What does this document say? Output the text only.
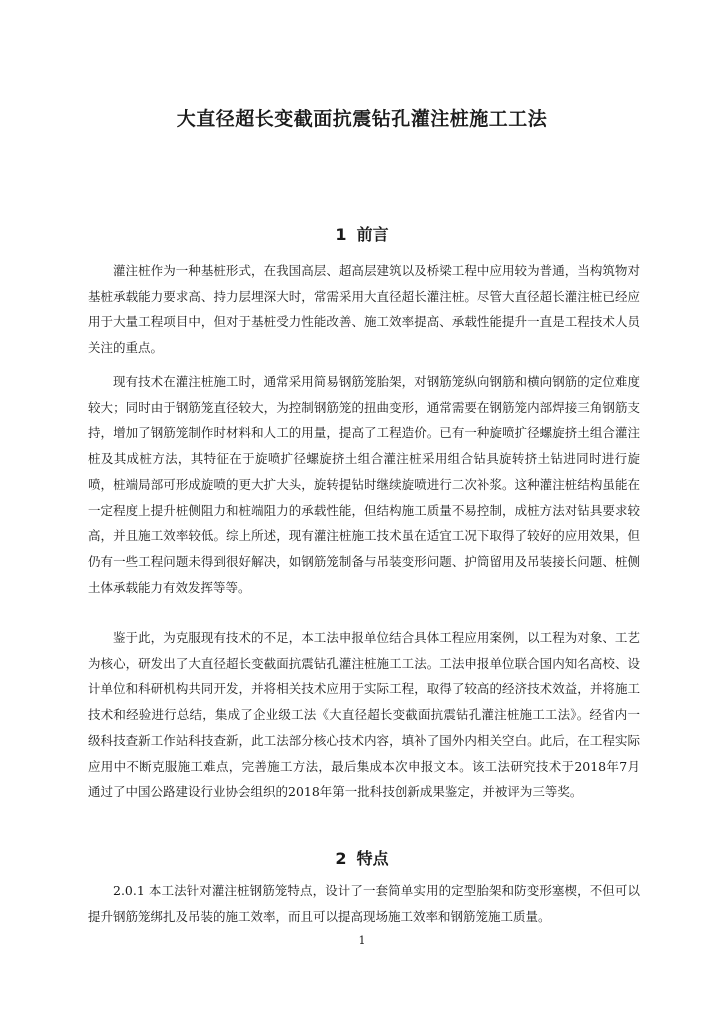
大直径超长变截面抗震钻孔灌注桩施工工法
1 前言

灌注桩作为一种基桩形式，在我国高层、超高层建筑以及桥梁工程中应用较为普通，当构筑物对基桩承载能力要求高、持力层埋深大时，常需采用大直径超长灌注桩。尽管大直径超长灌注桩已经应用于大量工程项目中，但对于基桩受力性能改善、施工效率提高、承载性能提升一直是工程技术人员关注的重点。

现有技术在灌注桩施工时，通常采用简易钢筋笼胎架，对钢筋笼纵向钢筋和横向钢筋的定位难度较大；同时由于钢筋笼直径较大，为控制钢筋笼的扭曲变形，通常需要在钢筋笼内部焊接三角钢筋支持，增加了钢筋笼制作时材料和人工的用量，提高了工程造价。已有一种旋喷扩径螺旋挤土组合灌注桩及其成桩方法，其特征在于旋喷扩径螺旋挤土组合灌注桩采用组合钻具旋转挤土钻进同时进行旋喷，桩端局部可形成旋喷的更大扩大头，旋转提钻时继续旋喷进行二次补浆。这种灌注桩结构虽能在一定程度上提升桩侧阻力和桩端阻力的承载性能，但结构施工质量不易控制，成桩方法对钻具要求较高，并且施工效率较低。综上所述，现有灌注桩施工技术虽在适宜工况下取得了较好的应用效果，但仍有一些工程问题未得到很好解决，如钢筋笼制备与吊装变形问题、护筒留用及吊装接长问题、桩侧土体承载能力有效发挥等等。

鉴于此，为克服现有技术的不足，本工法申报单位结合具体工程应用案例，以工程为对象、工艺为核心，研发出了大直径超长变截面抗震钻孔灌注桩施工工法。工法申报单位联合国内知名高校、设计单位和科研机构共同开发，并将相关技术应用于实际工程，取得了较高的经济技术效益，并将施工技术和经验进行总结，集成了企业级工法《大直径超长变截面抗震钻孔灌注桩施工工法》。经省内一级科技查新工作站科技查新，此工法部分核心技术内容，填补了国外内相关空白。此后，在工程实际应用中不断克服施工难点，完善施工方法，最后集成本次申报文本。该工法研究技术于2018年7月通过了中国公路建设行业协会组织的2018年第一批科技创新成果鉴定，并被评为三等奖。

2 特点

2.0.1 本工法针对灌注桩钢筋笼特点，设计了一套简单实用的定型胎架和防变形塞楔，不但可以提升钢筋笼绑扎及吊装的施工效率，而且可以提高现场施工效率和钢筋笼施工质量。

1
